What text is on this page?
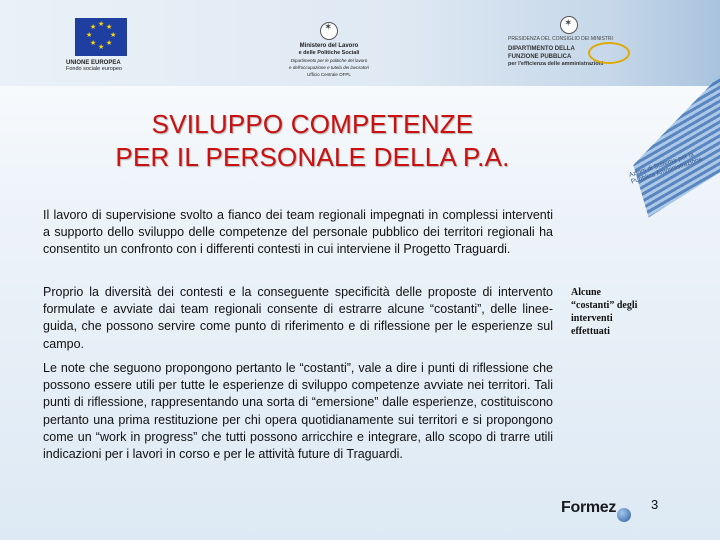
★ ★
★
★
★
★
★
★
UNIONE EUROPEA
Fondo sociale europeo
✶
Ministero del Lavoro
e delle Politiche Sociali
Dipartimento per le politiche del lavoro
e dell'occupazione e tutela dei lavoratori
Ufficio Centrale OFPL
✶
PRESIDENZA DEL CONSIGLIO DEI MINISTRI
DIPARTIMENTO DELLA
FUNZIONE PUBBLICA
per l'efficienza delle amministrazioni
Azioni di Sistema per la Pubblica Amministrazione
SVILUPPO COMPETENZE
PER IL PERSONALE DELLA P.A.

Il lavoro di supervisione svolto a fianco dei team regionali impegnati in complessi interventi a supporto dello sviluppo delle competenze del personale pubblico dei territori regionali ha consentito un confronto con i differenti contesti in cui interviene il Progetto Traguardi.

Proprio la diversità dei contesti e la conseguente specificità delle proposte di intervento formulate e avviate dai team regionali consente di estrarre alcune “costanti”, delle linee-guida, che possono servire come punto di riferimento e di riflessione per le esperienze sul campo.

Le note che seguono propongono pertanto le “costanti”, vale a dire i punti di riflessione che possono essere utili per tutte le esperienze di sviluppo competenze avviate nei territori. Tali punti di riflessione, rappresentando una sorta di “emersione” dalle esperienze, costituiscono pertanto una prima restituzione per chi opera quotidianamente sui territori e si propongono come un “work in progress” che tutti possono arricchire e integrare, allo scopo di trarre utili indicazioni per i lavori in corso e per le attività future di Traguardi.

Alcune “costanti” degli interventi effettuati
Formez	3
